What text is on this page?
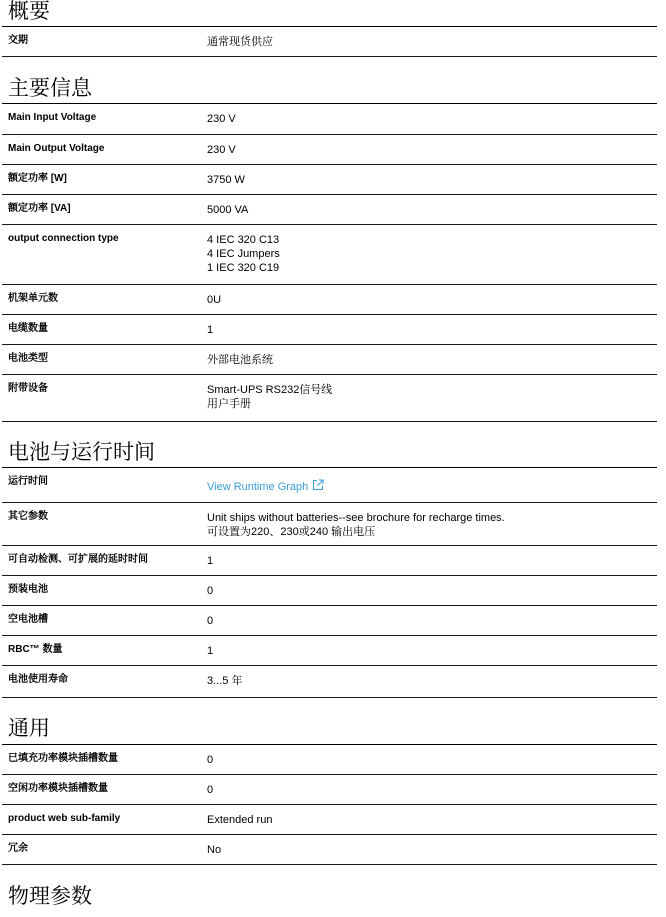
概要
交期	通常现货供应
主要信息
Main Input Voltage	230 V
Main Output Voltage	230 V
额定功率 [W]	3750 W
额定功率 [VA]	5000 VA
output connection type	4 IEC 320 C13
4 IEC Jumpers
1 IEC 320 C19
机架单元数	0U
电缆数量	1
电池类型	外部电池系统
附带设备	Smart-UPS RS232信号线
用户手册
电池与运行时间
运行时间	View Runtime Graph
其它参数	Unit ships without batteries--see brochure for recharge times.
可设置为220、230或240 输出电压
可自动检测、可扩展的延时时间	1
预装电池	0
空电池槽	0
RBC™ 数量	1
电池使用寿命	3...5 年
通用
已填充功率模块插槽数量	0
空闲功率模块插槽数量	0
product web sub-family	Extended run
冗余	No
物理参数
